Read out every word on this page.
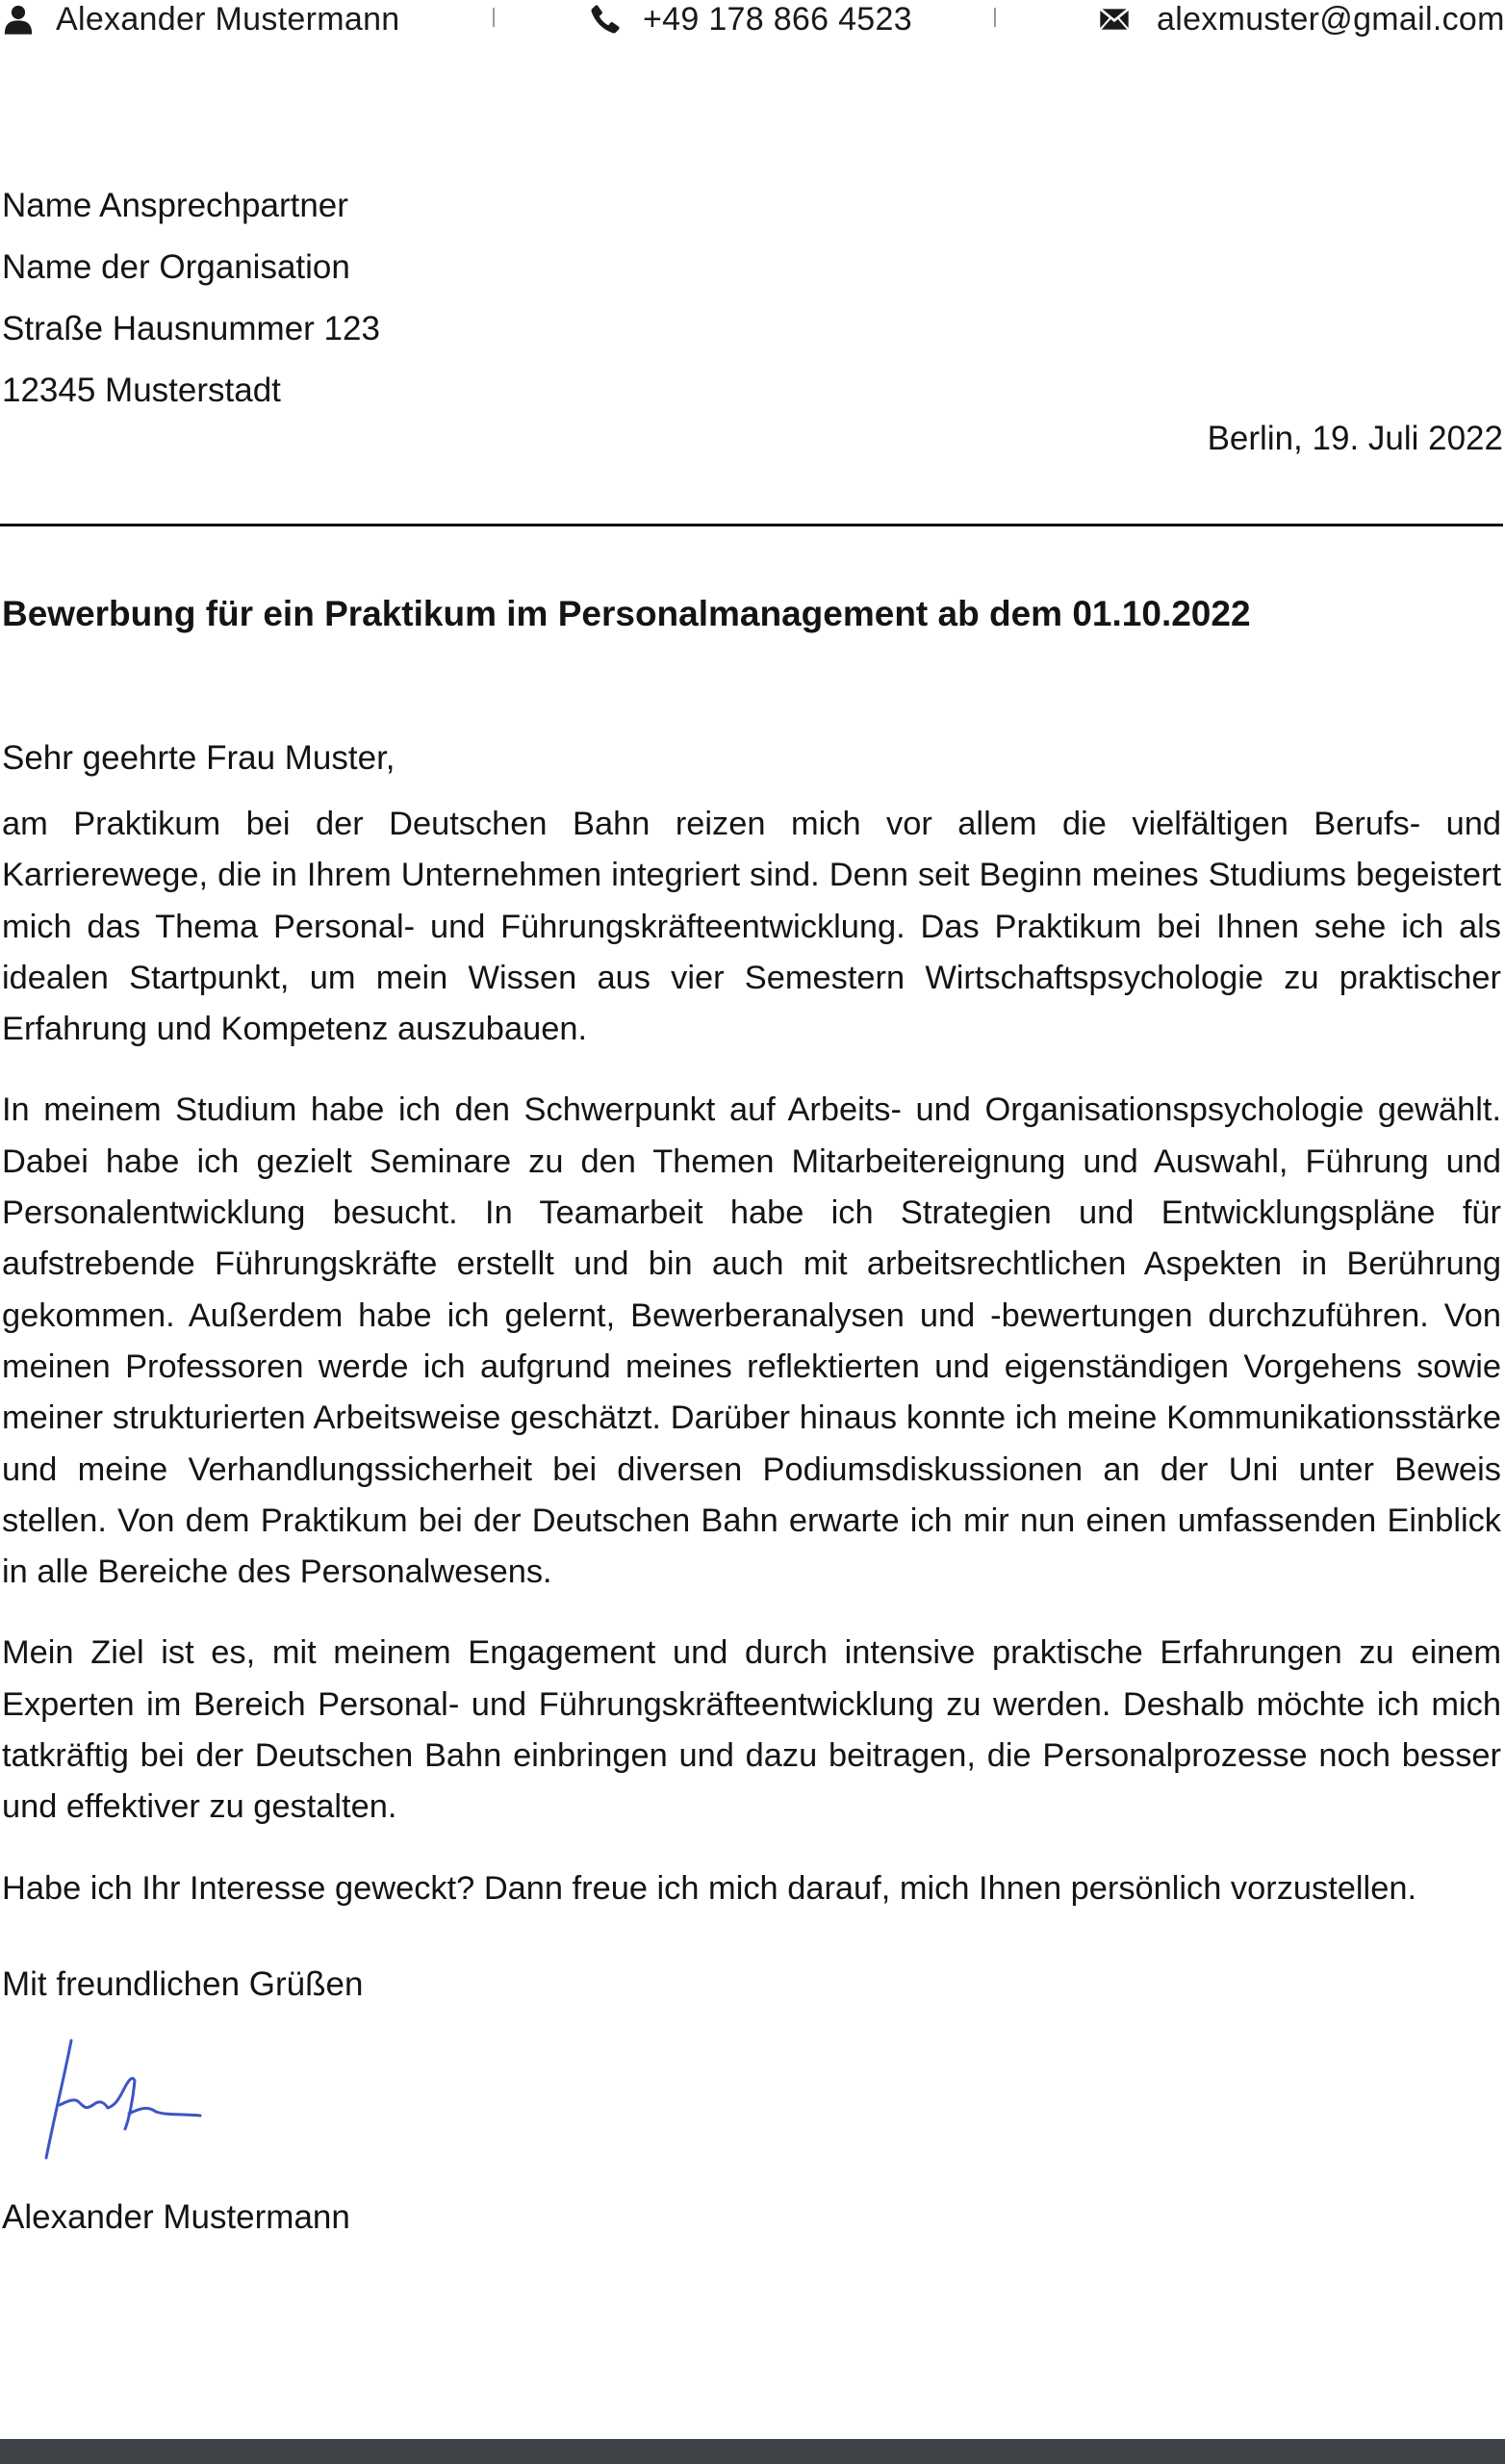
Alexander Mustermann	+49 178 866 4523	alexmuster@gmail.com
Name Ansprechpartner
Name der Organisation
Straße Hausnummer 123
12345 Musterstadt
Berlin, 19. Juli 2022
Bewerbung für ein Praktikum im Personalmanagement ab dem 01.10.2022
Sehr geehrte Frau Muster,

am Praktikum bei der Deutschen Bahn reizen mich vor allem die vielfältigen Berufs- und Karrierewege, die in Ihrem Unternehmen integriert sind. Denn seit Beginn meines Studiums begeistert mich das Thema Personal- und Führungskräfteentwicklung. Das Praktikum bei Ihnen sehe ich als idealen Startpunkt, um mein Wissen aus vier Semestern Wirtschaftspsychologie zu praktischer Erfahrung und Kompetenz auszubauen.

In meinem Studium habe ich den Schwerpunkt auf Arbeits- und Organisationspsychologie gewählt. Dabei habe ich gezielt Seminare zu den Themen Mitarbeitereignung und Auswahl, Führung und Personalentwicklung besucht. In Teamarbeit habe ich Strategien und Entwicklungspläne für aufstrebende Führungskräfte erstellt und bin auch mit arbeitsrechtlichen Aspekten in Berührung gekommen. Außerdem habe ich gelernt, Bewerberanalysen und -bewertungen durchzuführen. Von meinen Professoren werde ich aufgrund meines reflektierten und eigenständigen Vorgehens sowie meiner strukturierten Arbeitsweise geschätzt. Darüber hinaus konnte ich meine Kommunikationsstärke und meine Verhandlungssicherheit bei diversen Podiumsdiskussionen an der Uni unter Beweis stellen. Von dem Praktikum bei der Deutschen Bahn erwarte ich mir nun einen umfassenden Einblick in alle Bereiche des Personalwesens.

Mein Ziel ist es, mit meinem Engagement und durch intensive praktische Erfahrungen zu einem Experten im Bereich Personal- und Führungskräfteentwicklung zu werden. Deshalb möchte ich mich tatkräftig bei der Deutschen Bahn einbringen und dazu beitragen, die Personalprozesse noch besser und effektiver zu gestalten.

Habe ich Ihr Interesse geweckt? Dann freue ich mich darauf, mich Ihnen persönlich vorzustellen.

Mit freundlichen Grüßen
Alexander Mustermann
